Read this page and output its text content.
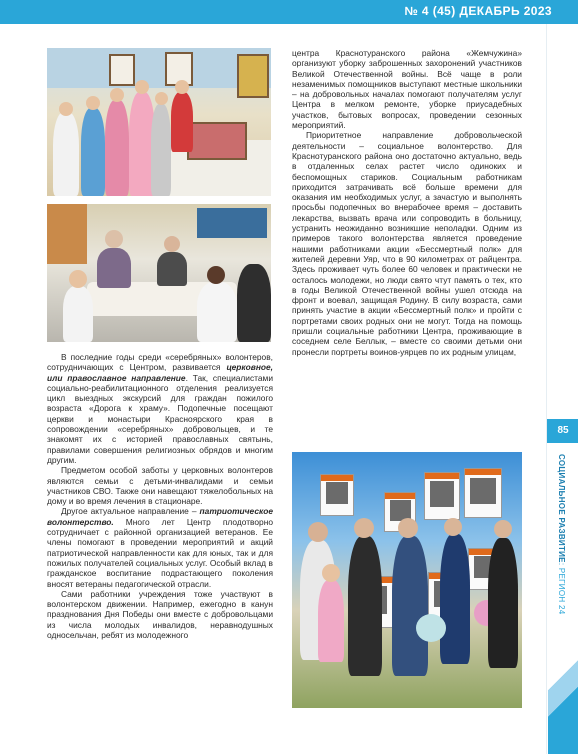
№ 4 (45) ДЕКАБРЬ 2023

В последние годы среди «серебряных» волонтеров, сотрудничающих с Центром, развивается церковное, или православное направление. Так, специалистами социально-реабилитационного отделения реализуется цикл выездных экскурсий для граждан пожилого возраста «Дорога к храму». Подопечные посещают церкви и монастыри Красноярского края в сопровождении «серебряных» добровольцев, и те знакомят их с историей православных святынь, правилами совершения религиозных обрядов и многим другим.

Предметом особой заботы у церковных волонтеров являются семьи с детьми-инвалидами и семьи участников СВО. Также они навещают тяжелобольных на дому и во время лечения в стационаре.

Другое актуальное направление – патриотическое волонтерство. Много лет Центр плодотворно сотрудничает с районной организацией ветеранов. Ее члены помогают в проведении мероприятий и акций патриотической направленности как для юных, так и для пожилых получателей социальных услуг. Особый вклад в гражданское воспитание подрастающего поколения вносят ветераны педагогической отрасли.

Сами работники учреждения тоже участвуют в волонтерском движении. Например, ежегодно в канун празднования Дня Победы они вместе с добровольцами из числа молодых инвалидов, неравнодушных односельчан, ребят из молодежного

центра Краснотуранского района «Жемчужина» организуют уборку заброшенных захоронений участников Великой Отечественной войны. Всё чаще в роли незаменимых помощников выступают местные школьники – на добровольных началах помогают получателям услуг Центра в мелком ремонте, уборке приусадебных участков, бытовых вопросах, проведении сезонных мероприятий.

Приоритетное направление добровольческой деятельности – социальное волонтерство. Для Краснотуранского района оно достаточно актуально, ведь в отдаленных селах растет число одиноких и беспомощных стариков. Социальным работникам приходится затрачивать всё больше времени для оказания им необходимых услуг, а зачастую и выполнять просьбы подопечных во внерабочее время – доставить лекарства, вызвать врача или сопроводить в больницу, устранить неожиданно возникшие неполадки. Одним из примеров такого волонтерства является проведение нашими работниками акции «Бессмертный полк» для жителей деревни Уяр, что в 90 километрах от райцентра. Здесь проживает чуть более 60 человек и практически не осталось молодежи, но люди свято чтут память о тех, кто в годы Великой Отечественной войны ушел отсюда на фронт и воевал, защищая Родину. В силу возраста, сами принять участие в акции «Бессмертный полк» и пройти с портретами своих родных они не могут. Тогда на помощь пришли социальные работники Центра, проживающие в соседнем селе Беллык, – вместе со своими детьми они пронесли портреты воинов-уярцев по их родным улицам,

85
СОЦИАЛЬНОЕ РАЗВИТИЕ: РЕГИОН 24
